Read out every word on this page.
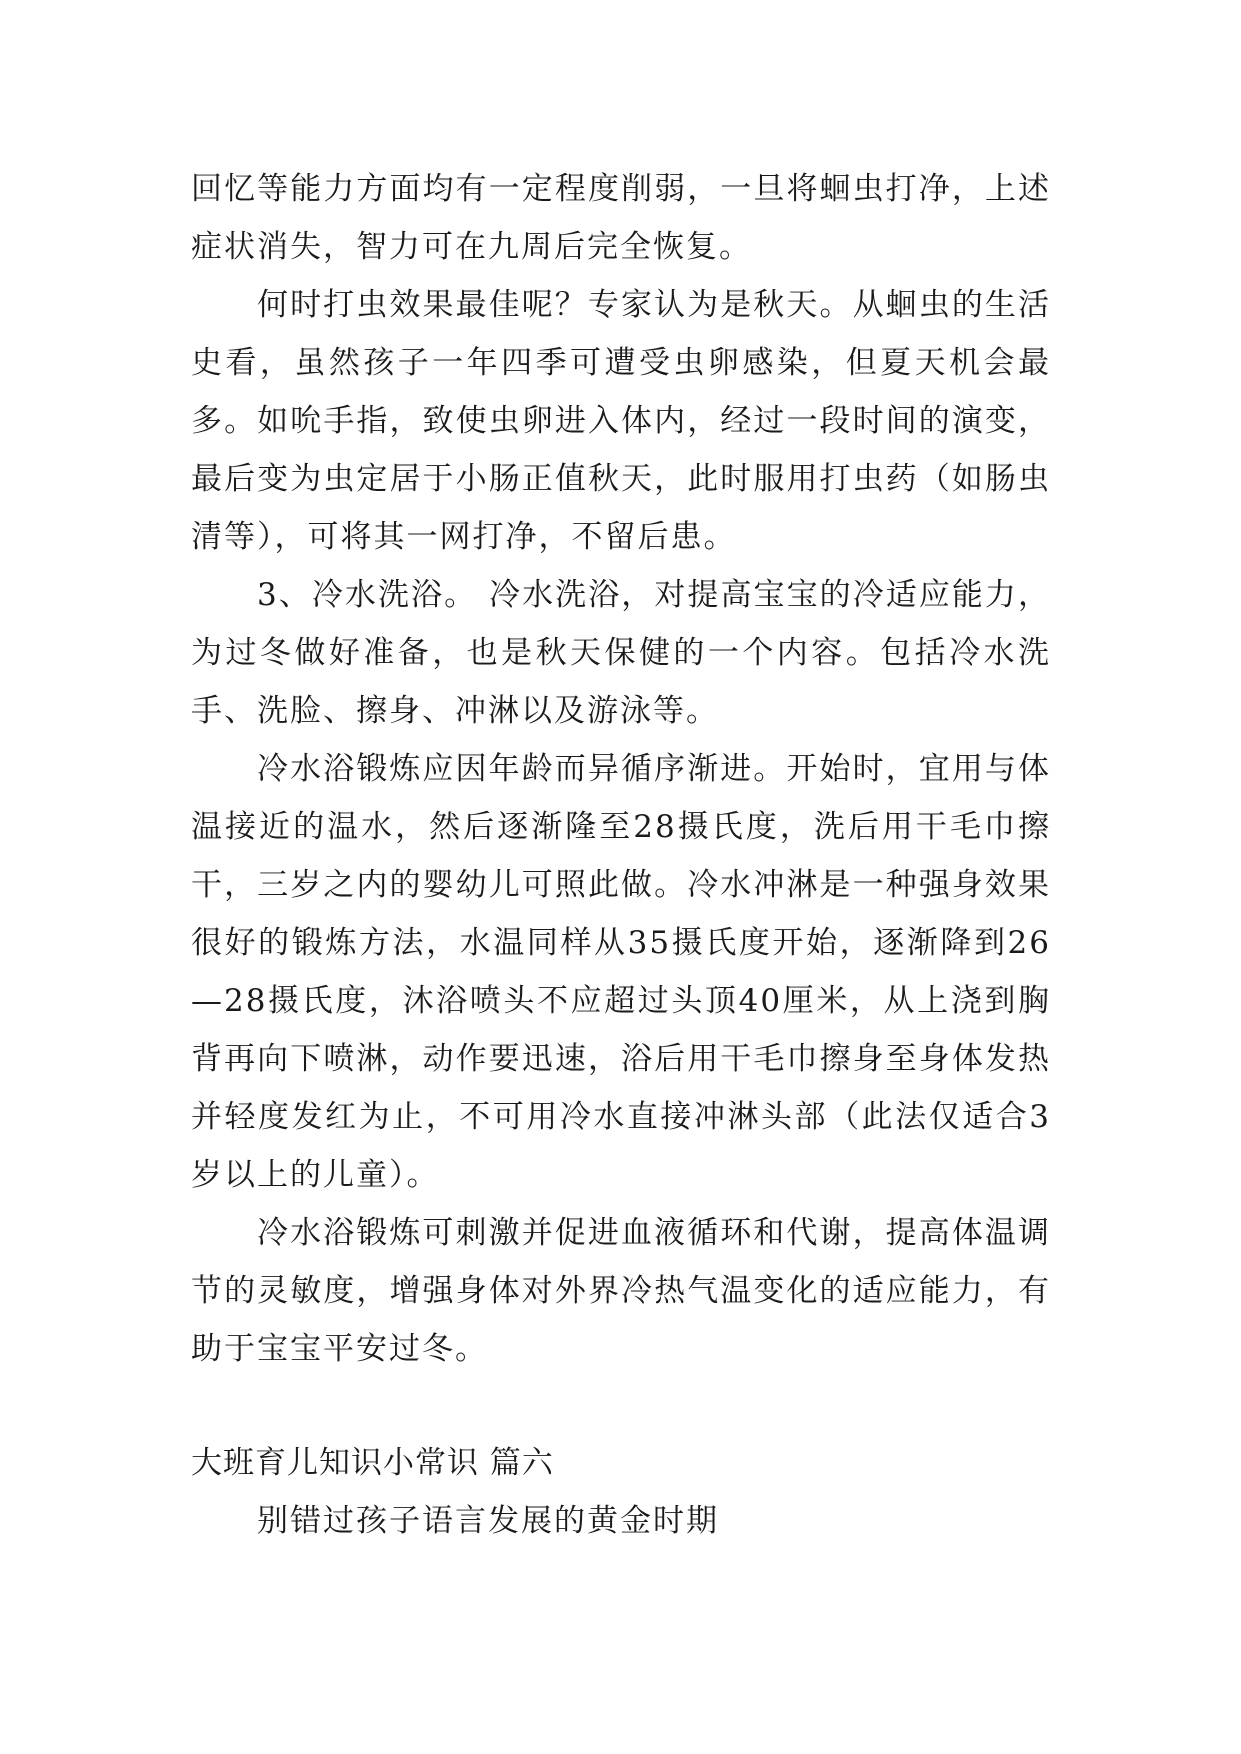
回忆等能力方面均有一定程度削弱，一旦将蛔虫打净，上述症状消失，智力可在九周后完全恢复。

何时打虫效果最佳呢？专家认为是秋天。从蛔虫的生活史看，虽然孩子一年四季可遭受虫卵感染，但夏天机会最多。如吮手指，致使虫卵进入体内，经过一段时间的演变，最后变为虫定居于小肠正值秋天，此时服用打虫药（如肠虫清等），可将其一网打净，不留后患。

3、冷水洗浴。 冷水洗浴，对提高宝宝的冷适应能力，为过冬做好准备，也是秋天保健的一个内容。包括冷水洗手、洗脸、擦身、冲淋以及游泳等。

冷水浴锻炼应因年龄而异循序渐进。开始时，宜用与体温接近的温水，然后逐渐隆至28摄氏度，洗后用干毛巾擦干，三岁之内的婴幼儿可照此做。冷水冲淋是一种强身效果很好的锻炼方法，水温同样从35摄氏度开始，逐渐降到26—28摄氏度，沐浴喷头不应超过头顶40厘米，从上浇到胸背再向下喷淋，动作要迅速，浴后用干毛巾擦身至身体发热并轻度发红为止，不可用冷水直接冲淋头部（此法仅适合3岁以上的儿童）。

冷水浴锻炼可刺激并促进血液循环和代谢，提高体温调节的灵敏度，增强身体对外界冷热气温变化的适应能力，有助于宝宝平安过冬。

大班育儿知识小常识 篇六

别错过孩子语言发展的黄金时期
